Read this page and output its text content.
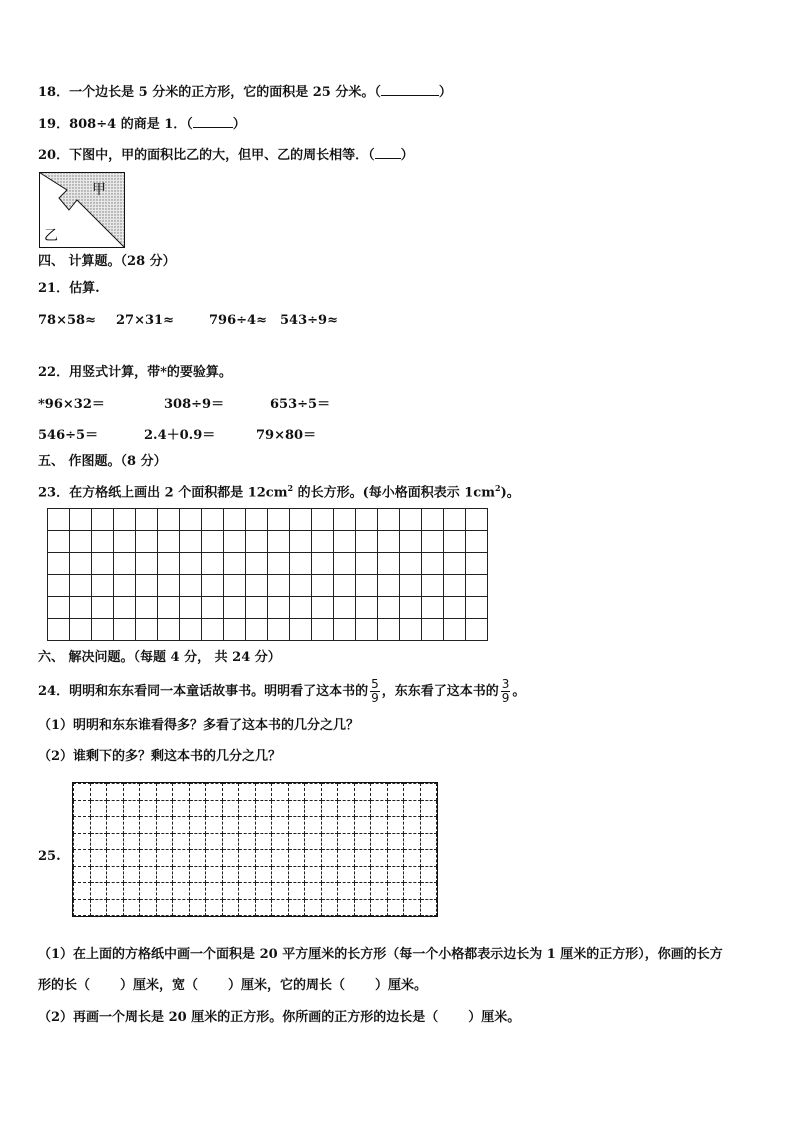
18．一个边长是 5 分米的正方形，它的面积是 25 分米。（	）
19．808÷4 的商是 1．（	）
20．下图中，甲的面积比乙的大，但甲、乙的周长相等．（ ）
甲
乙
四、 计算题。（28 分）
21．估算.
78×58≈ 27×31≈	796÷4≈ 543÷9≈
22．用竖式计算，带*的要验算。
*96×32＝	308÷9＝	653÷5＝
546÷5＝	2.4＋0.9＝	79×80＝
五、 作图题。（8 分）
23．在方格纸上画出 2 个面积都是 $12cm^2$ 的长方形。(每小格面积表示 $1cm^2$)。

六、 解决问题。（每题 4 分， 共 24 分）
24．明明和东东看同一本童话故事书。明明看了这本书的 $\frac{5}{9}$ ，东东看了这本书的 $\frac{3}{9}$ 。
（1）明明和东东谁看得多？多看了这本书的几分之几？
（2）谁剩下的多？剩这本书的几分之几？
25.

（1）在上面的方格纸中画一个面积是 20 平方厘米的长方形（每一个小格都表示边长为 1 厘米的正方形），你画的长方
形的长（ ）厘米，宽（ ）厘米，它的周长（ ）厘米。
（2）再画一个周长是 20 厘米的正方形。你所画的正方形的边长是（ ）厘米。
